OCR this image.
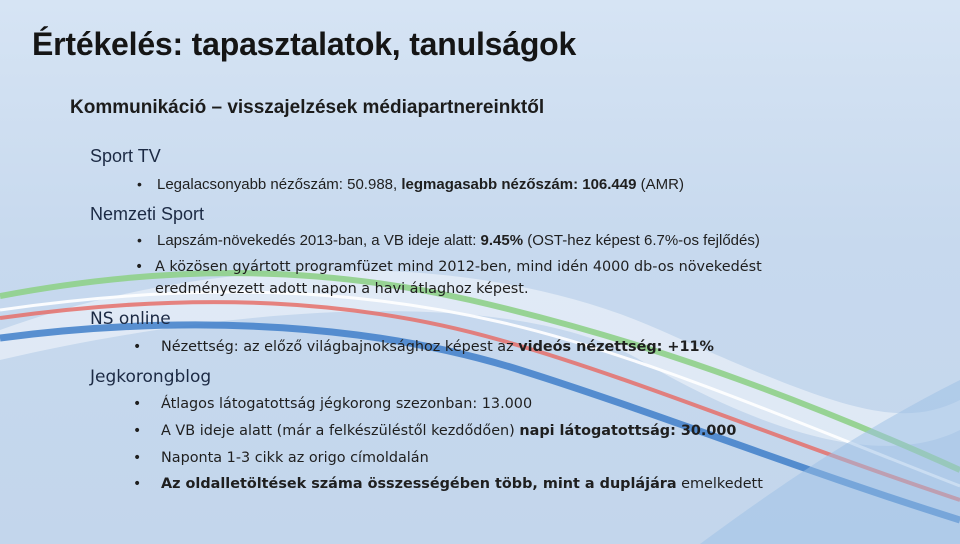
Értékelés: tapasztalatok, tanulságok
Kommunikáció – visszajelzések médiapartnereinktől
Sport TV
• Legalacsonyabb nézőszám: 50.988, legmagasabb nézőszám: 106.449 (AMR)
Nemzeti Sport
• Lapszám-növekedés 2013-ban, a VB ideje alatt: 9.45% (OST-hez képest 6.7%-os fejlődés)
• A közösen gyártott programfüzet mind 2012-ben, mind idén 4000 db-os növekedést
eredményezett adott napon a havi átlaghoz képest.
NS online
• Nézettség: az előző világbajnoksághoz képest az videós nézettség: +11%
Jegkorongblog
• Átlagos látogatottság jégkorong szezonban: 13.000
• A VB ideje alatt (már a felkészüléstől kezdődően) napi látogatottság: 30.000
• Naponta 1-3 cikk az origo címoldalán
• Az oldalletöltések száma összességében több, mint a duplájára emelkedett
